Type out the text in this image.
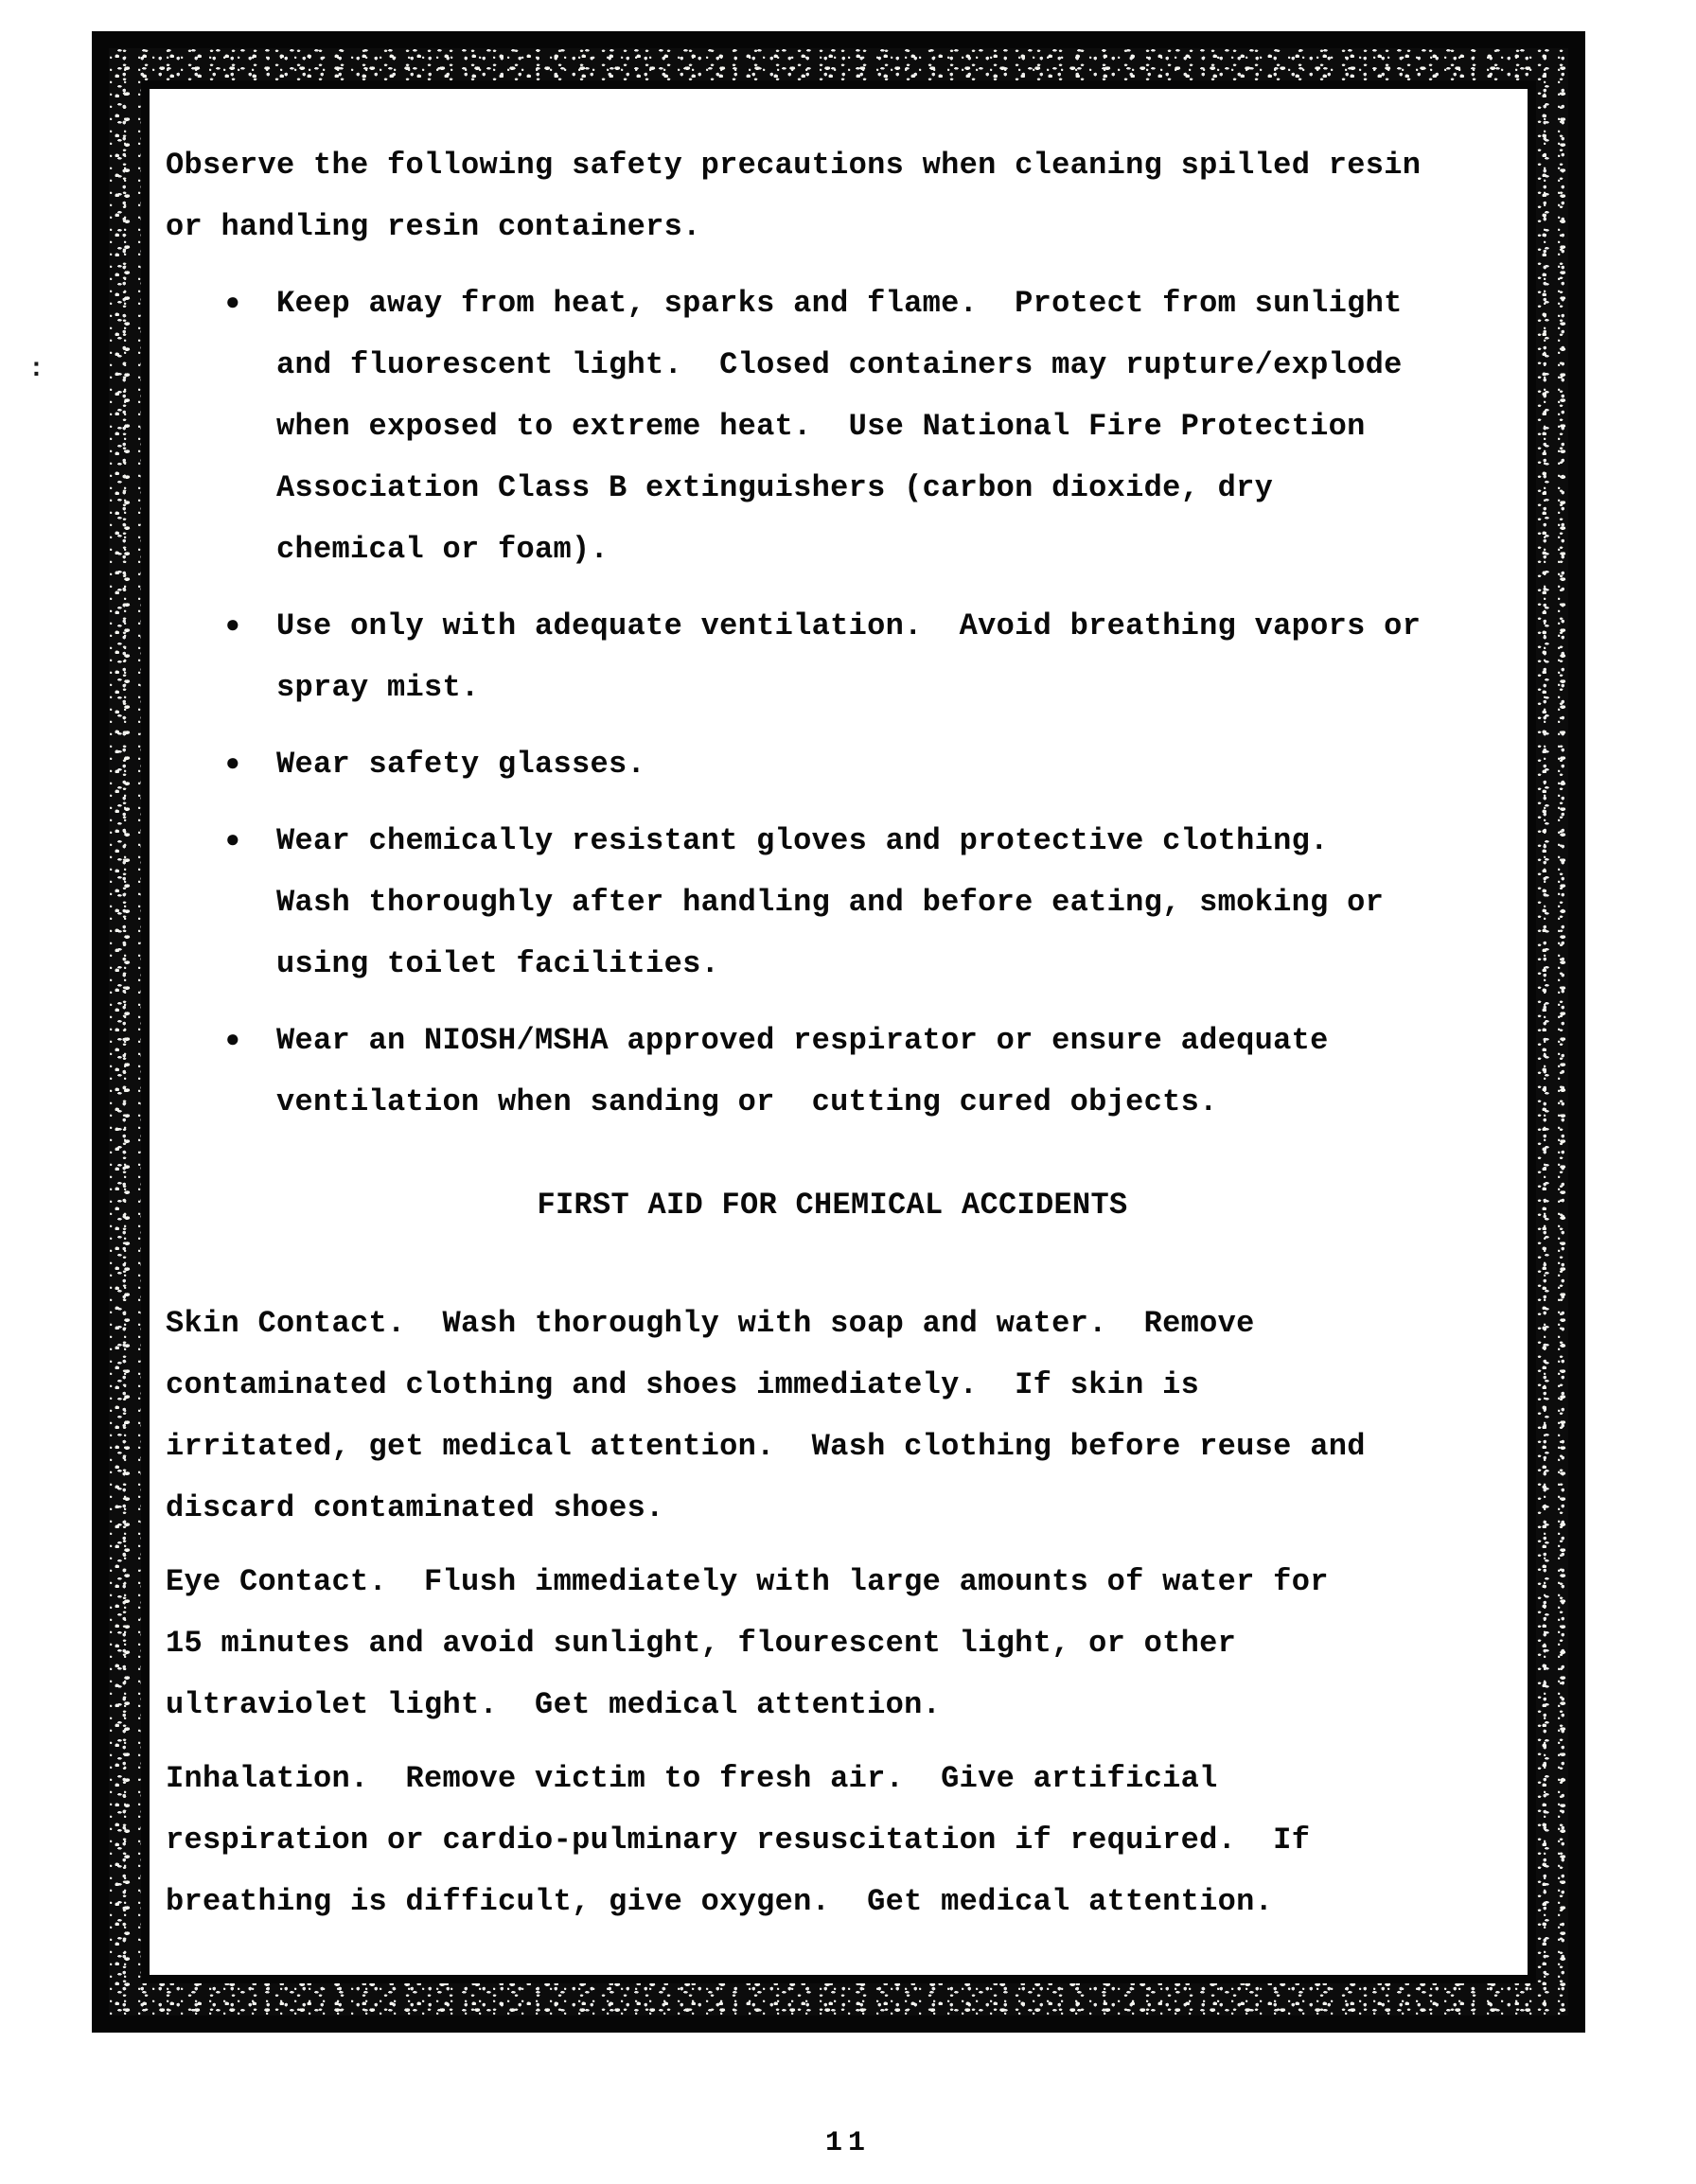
:
Observe the following safety precautions when cleaning spilled resin
or handling resin containers.
● Keep away from heat, sparks and flame.  Protect from sunlight
and fluorescent light.  Closed containers may rupture/explode
when exposed to extreme heat.  Use National Fire Protection
Association Class B extinguishers (carbon dioxide, dry
chemical or foam).
● Use only with adequate ventilation.  Avoid breathing vapors or
spray mist.
● Wear safety glasses.
● Wear chemically resistant gloves and protective clothing.
Wash thoroughly after handling and before eating, smoking or
using toilet facilities.
● Wear an NIOSH/MSHA approved respirator or ensure adequate
ventilation when sanding or  cutting cured objects.
FIRST AID FOR CHEMICAL ACCIDENTS
Skin Contact.  Wash thoroughly with soap and water.  Remove
contaminated clothing and shoes immediately.  If skin is
irritated, get medical attention.  Wash clothing before reuse and
discard contaminated shoes.
Eye Contact.  Flush immediately with large amounts of water for
15 minutes and avoid sunlight, flourescent light, or other
ultraviolet light.  Get medical attention.
Inhalation.  Remove victim to fresh air.  Give artificial
respiration or cardio-pulminary resuscitation if required.  If
breathing is difficult, give oxygen.  Get medical attention.
11
